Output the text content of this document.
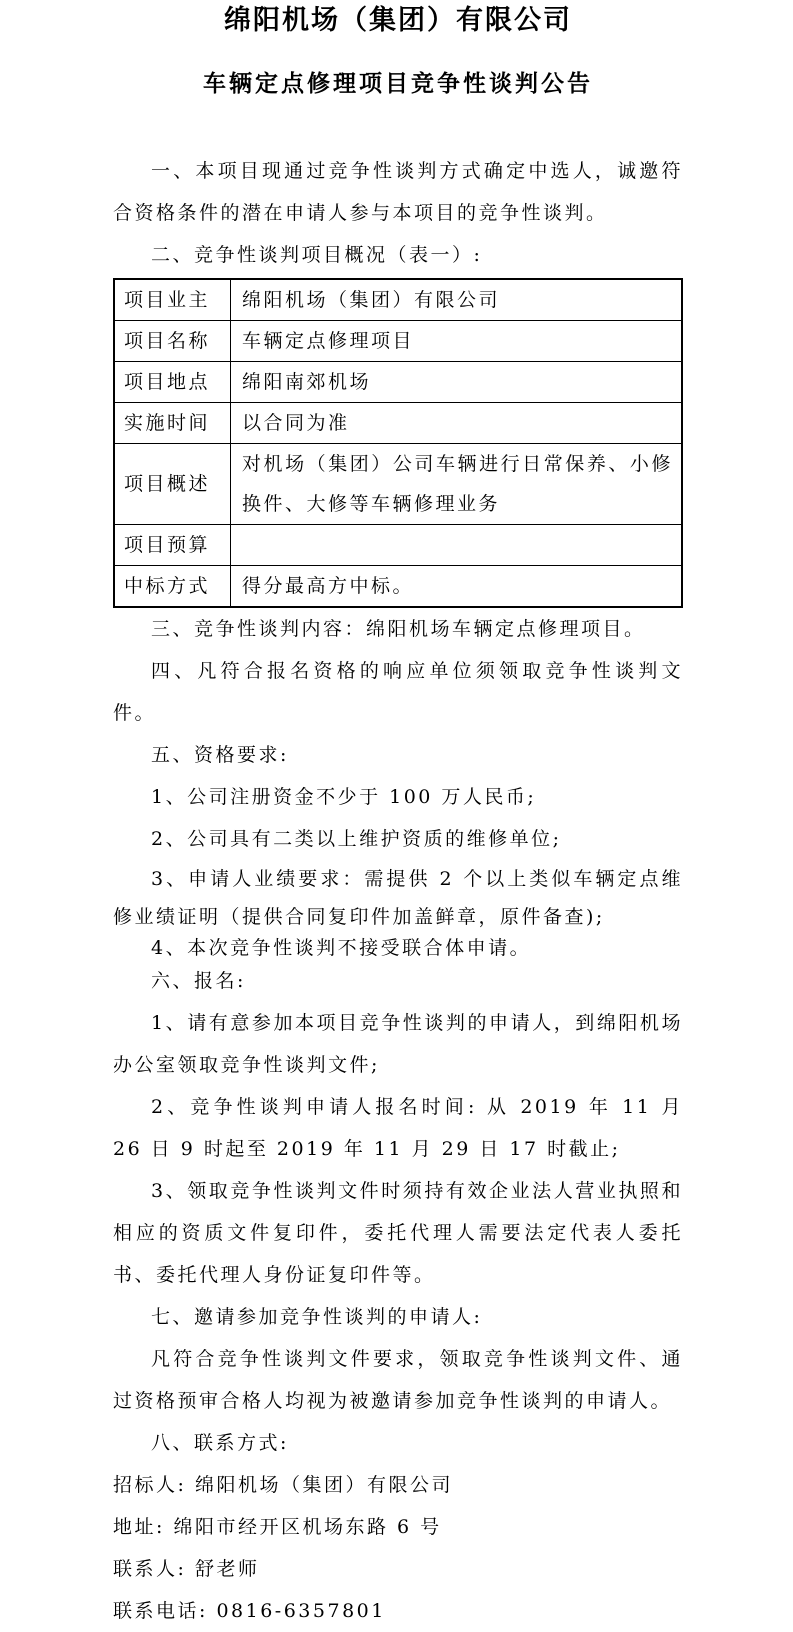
绵阳机场（集团）有限公司
车辆定点修理项目竞争性谈判公告

一、本项目现通过竞争性谈判方式确定中选人，诚邀符合资格条件的潜在申请人参与本项目的竞争性谈判。

二、竞争性谈判项目概况（表一）:

项目业主	绵阳机场（集团）有限公司
项目名称	车辆定点修理项目
项目地点	绵阳南郊机场
实施时间	以合同为准
项目概述	对机场（集团）公司车辆进行日常保养、小修换件、大修等车辆修理业务
项目预算	
中标方式	得分最高方中标。

三、竞争性谈判内容：绵阳机场车辆定点修理项目。

四、凡符合报名资格的响应单位须领取竞争性谈判文件。

五、资格要求:

1、公司注册资金不少于 100 万人民币;

2、公司具有二类以上维护资质的维修单位;

3、申请人业绩要求：需提供 2 个以上类似车辆定点维修业绩证明（提供合同复印件加盖鲜章，原件备查);

4、本次竞争性谈判不接受联合体申请。

六、报名:

1、请有意参加本项目竞争性谈判的申请人，到绵阳机场办公室领取竞争性谈判文件;

2、竞争性谈判申请人报名时间: 从 2019 年 11 月 26 日 9 时起至 2019 年 11 月 29 日 17 时截止;

3、领取竞争性谈判文件时须持有效企业法人营业执照和相应的资质文件复印件，委托代理人需要法定代表人委托书、委托代理人身份证复印件等。

七、邀请参加竞争性谈判的申请人:

凡符合竞争性谈判文件要求，领取竞争性谈判文件、通过资格预审合格人均视为被邀请参加竞争性谈判的申请人。

八、联系方式:

招标人: 绵阳机场（集团）有限公司

地址: 绵阳市经开区机场东路 6 号

联系人: 舒老师

联系电话: 0816-6357801
